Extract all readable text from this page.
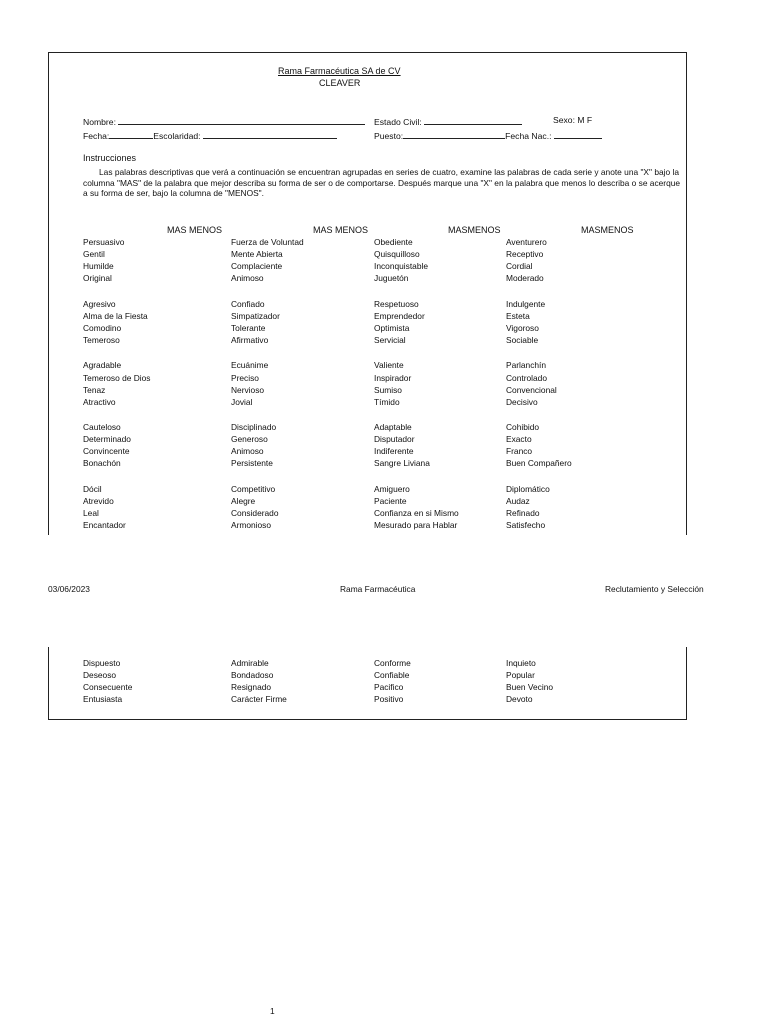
Rama Farmacéutica SA de CV
CLEAVER
Nombre:	Estado Civil:	Sexo: M F
Fecha:	Escolaridad:	Puesto:	Fecha Nac.:
Instrucciones
Las palabras descriptivas que verá a continuación se encuentran agrupadas en series de cuatro, examine las palabras de cada serie y anote una "X" bajo la columna "MAS" de la palabra que mejor describa su forma de ser o de comportarse. Después marque una "X" en la palabra que menos lo describa o se acerque a su forma de ser, bajo la columna de "MENOS".
MAS MENOS	MAS MENOS	MASMENOS	MASMENOS
Persuasivo	Fuerza de Voluntad	Obediente	Aventurero
Gentil	Mente Abierta	Quisquilloso	Receptivo
Humilde	Complaciente	Inconquistable	Cordial
Original	Animoso	Juguetón	Moderado
Agresivo	Confiado	Respetuoso	Indulgente
Alma de la Fiesta	Simpatizador	Emprendedor	Esteta
Comodino	Tolerante	Optimista	Vigoroso
Temeroso	Afirmativo	Servicial	Sociable
Agradable	Ecuánime	Valiente	Parlanchín
Temeroso de Dios	Preciso	Inspirador	Controlado
Tenaz	Nervioso	Sumiso	Convencional
Atractivo	Jovial	Tímido	Decisivo
Cauteloso	Disciplinado	Adaptable	Cohibido
Determinado	Generoso	Disputador	Exacto
Convincente	Animoso	Indiferente	Franco
Bonachón	Persistente	Sangre Liviana	Buen Compañero
Dócil	Competitivo	Amiguero	Diplomático
Atrevido	Alegre	Paciente	Audaz
Leal	Considerado	Confianza en si Mismo	Refinado
Encantador	Armonioso	Mesurado para Hablar	Satisfecho
03/06/2023	Rama Farmacéutica	Reclutamiento y Selección
Dispuesto	Admirable	Conforme	Inquieto
Deseoso	Bondadoso	Confiable	Popular
Consecuente	Resignado	Pacifico	Buen Vecino
Entusiasta	Carácter Firme	Positivo	Devoto
1
